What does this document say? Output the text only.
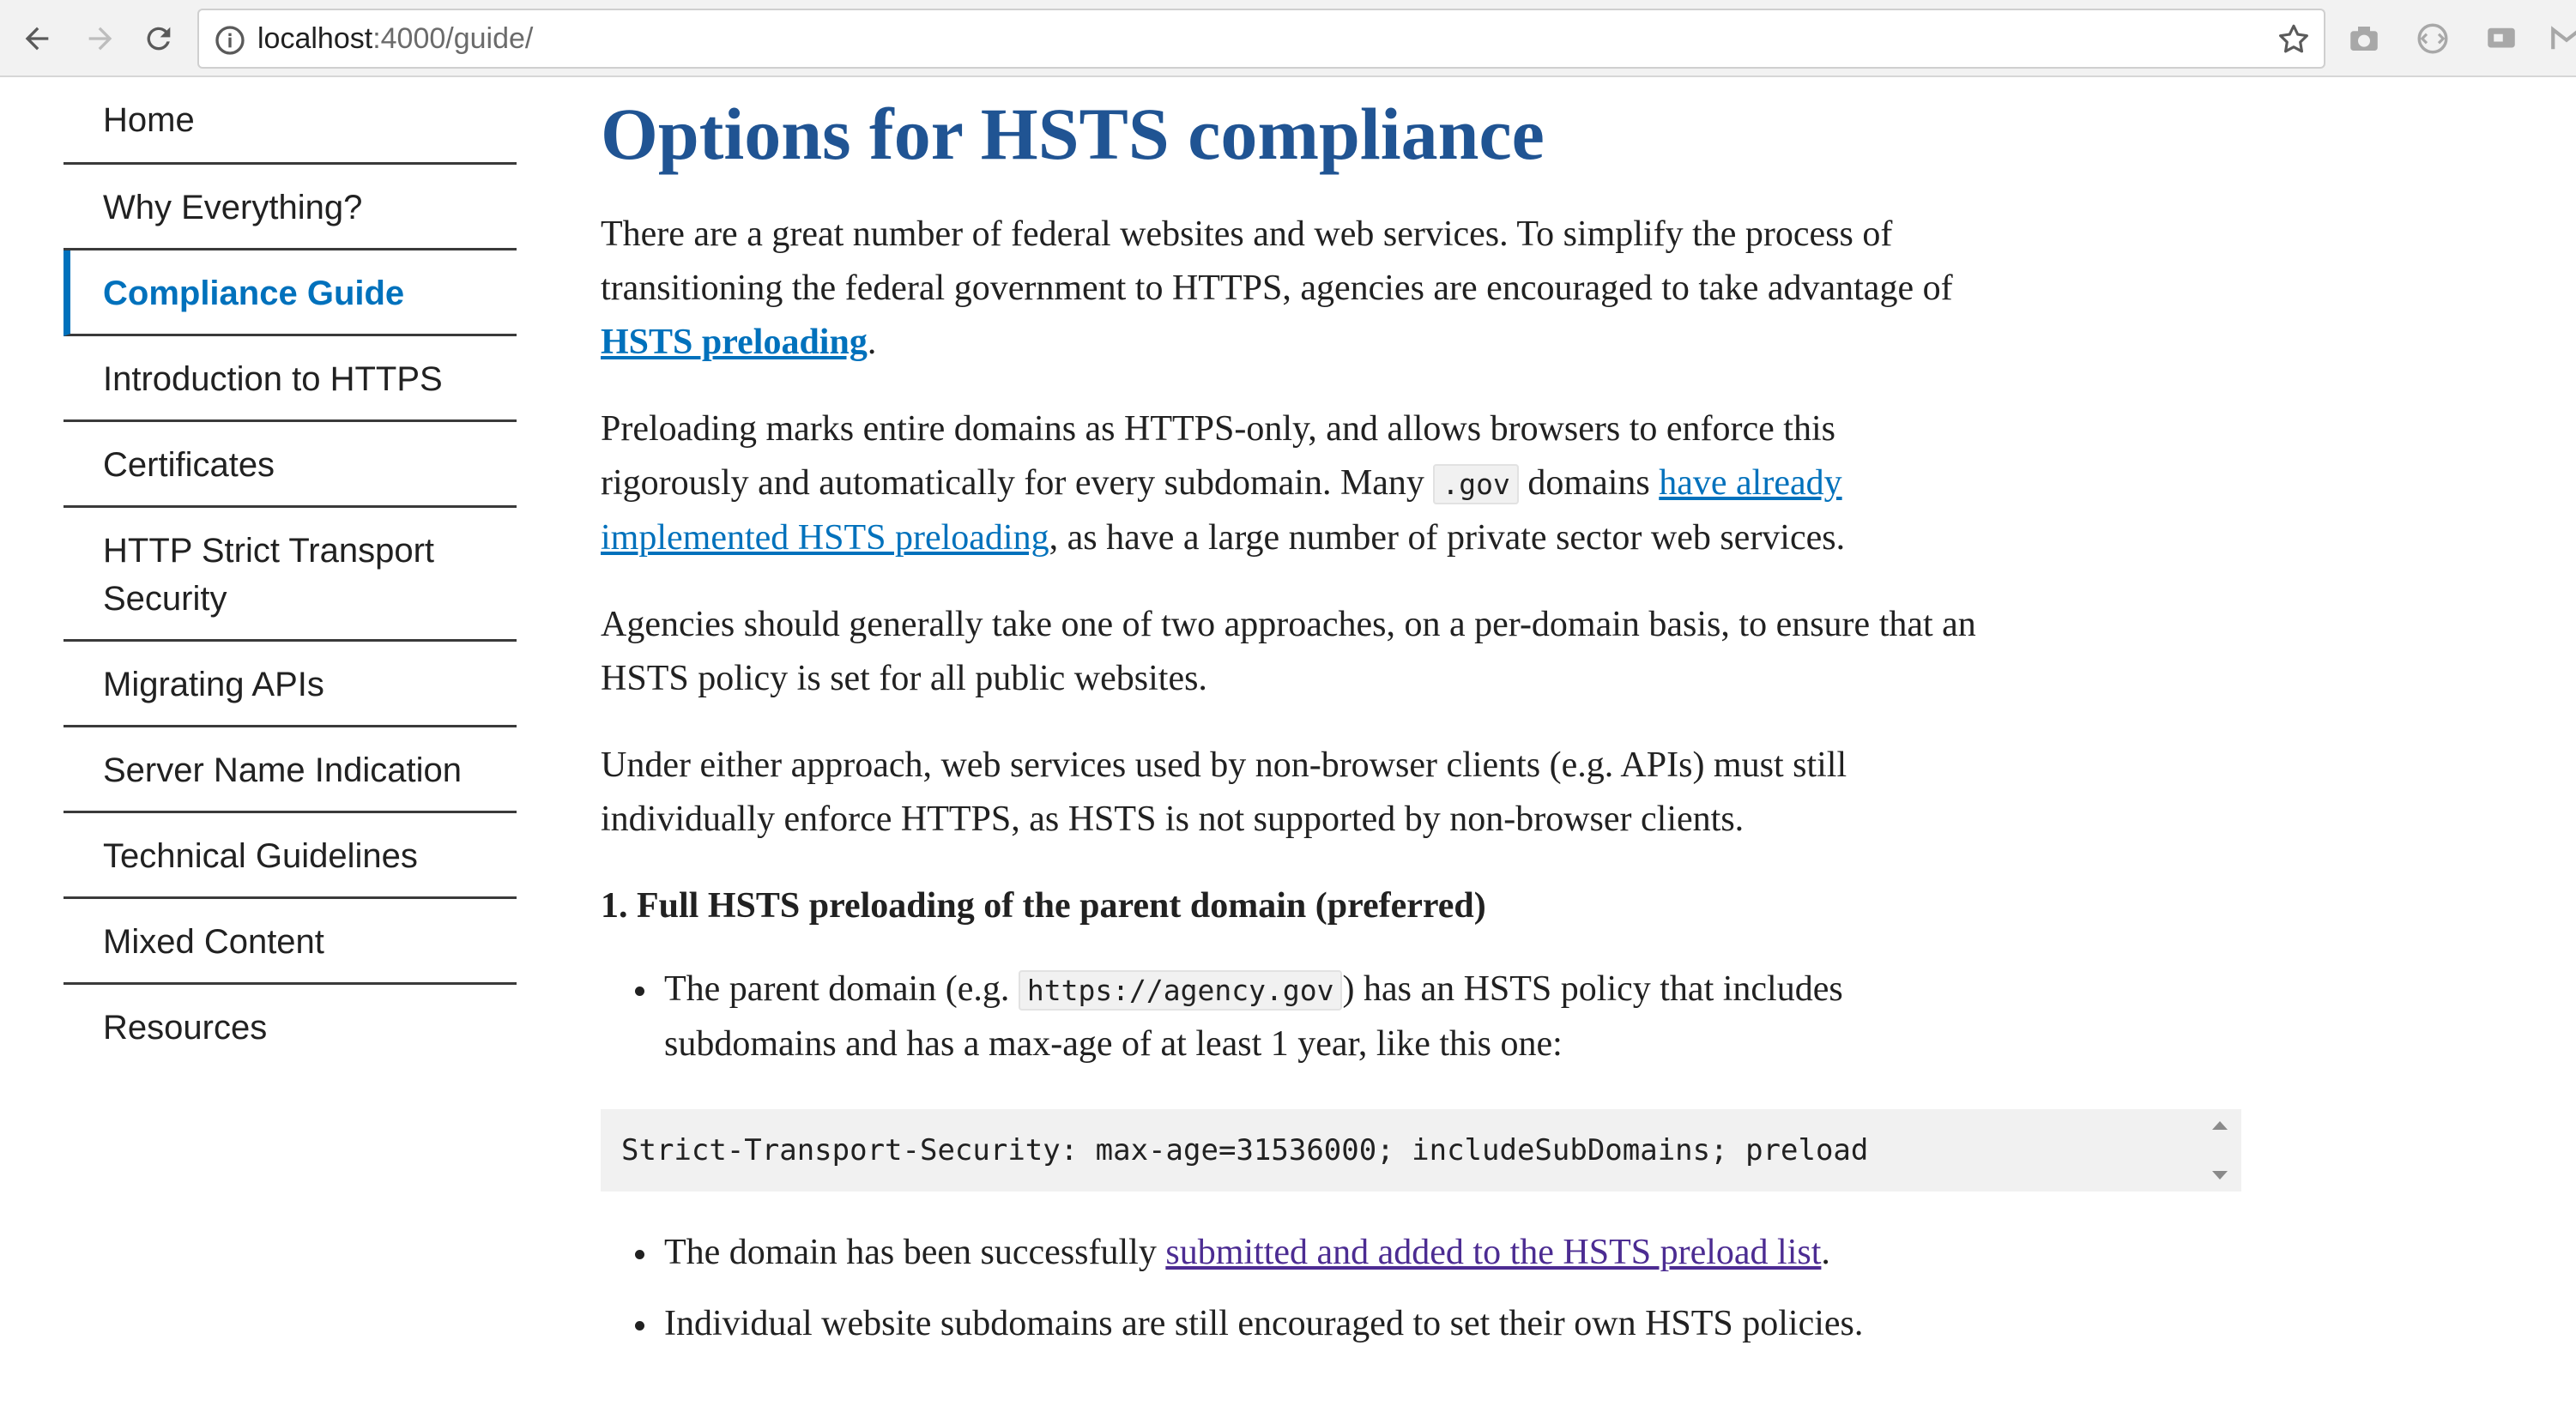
localhost:4000/guide/
Home
Why Everything?
Compliance Guide
Introduction to HTTPS
Certificates
HTTP Strict Transport Security
Migrating APIs
Server Name Indication
Technical Guidelines
Mixed Content
Resources
Options for HSTS compliance

There are a great number of federal websites and web services. To simplify the process of transitioning the federal government to HTTPS, agencies are encouraged to take advantage of HSTS preloading.

Preloading marks entire domains as HTTPS-only, and allows browsers to enforce this rigorously and automatically for every subdomain. Many .gov domains have already implemented HSTS preloading, as have a large number of private sector web services.

Agencies should generally take one of two approaches, on a per-domain basis, to ensure that an HSTS policy is set for all public websites.

Under either approach, web services used by non-browser clients (e.g. APIs) must still individually enforce HTTPS, as HSTS is not supported by non-browser clients.

1. Full HSTS preloading of the parent domain (preferred)
The parent domain (e.g. https://agency.gov ) has an HSTS policy that includes subdomains and has a max-age of at least 1 year, like this one:
Strict-Transport-Security: max-age=31536000; includeSubDomains; preload
The domain has been successfully submitted and added to the HSTS preload list.
Individual website subdomains are still encouraged to set their own HSTS policies.
